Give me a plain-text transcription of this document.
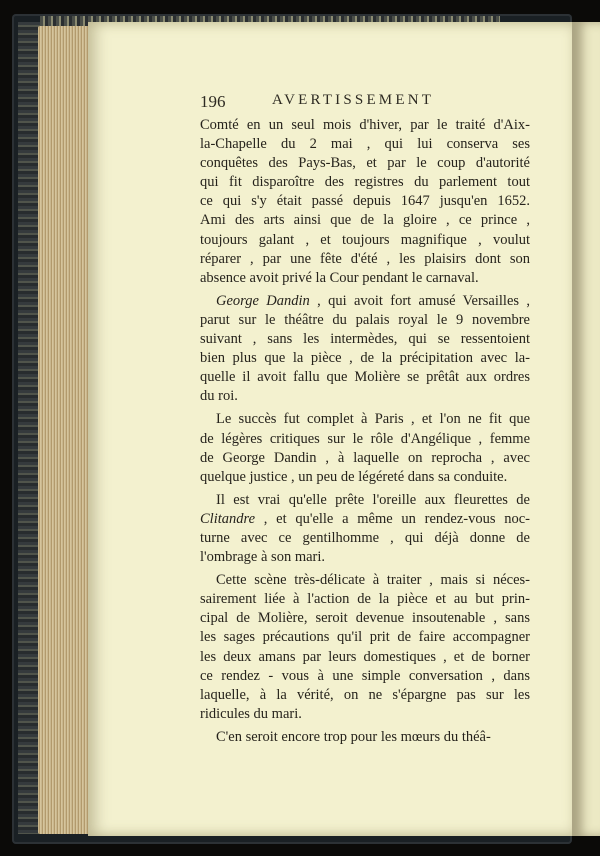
196	AVERTISSEMENT
Comté en un seul mois d'hiver, par le traité d'Aix-
la-Chapelle du 2 mai , qui lui conserva ses
conquêtes des Pays-Bas, et par le coup d'autorité
qui fit disparoître des registres du parlement tout
ce qui s'y était passé depuis 1647 jusqu'en 1652.
Ami des arts ainsi que de la gloire , ce prince ,
toujours galant , et toujours magnifique , voulut
réparer , par une fête d'été , les plaisirs dont son
absence avoit privé la Cour pendant le carnaval.
George Dandin , qui avoit fort amusé Versailles ,
parut sur le théâtre du palais royal le 9 novembre
suivant , sans les intermèdes, qui se ressentoient
bien plus que la pièce , de la précipitation avec la-
quelle il avoit fallu que Molière se prêtât aux ordres
du roi.
Le succès fut complet à Paris , et l'on ne fit que
de légères critiques sur le rôle d'Angélique , femme
de George Dandin , à laquelle on reprocha , avec
quelque justice , un peu de légéreté dans sa conduite.
Il est vrai qu'elle prête l'oreille aux fleurettes de
Clitandre , et qu'elle a même un rendez-vous noc-
turne avec ce gentilhomme , qui déjà donne de
l'ombrage à son mari.
Cette scène très-délicate à traiter , mais si néces-
sairement liée à l'action de la pièce et au but prin-
cipal de Molière, seroit devenue insoutenable , sans
les sages précautions qu'il prit de faire accompagner
les deux amans par leurs domestiques , et de borner
ce rendez - vous à une simple conversation , dans
laquelle, à la vérité, on ne s'épargne pas sur les
ridicules du mari.
C'en seroit encore trop pour les mœurs du théâ-
